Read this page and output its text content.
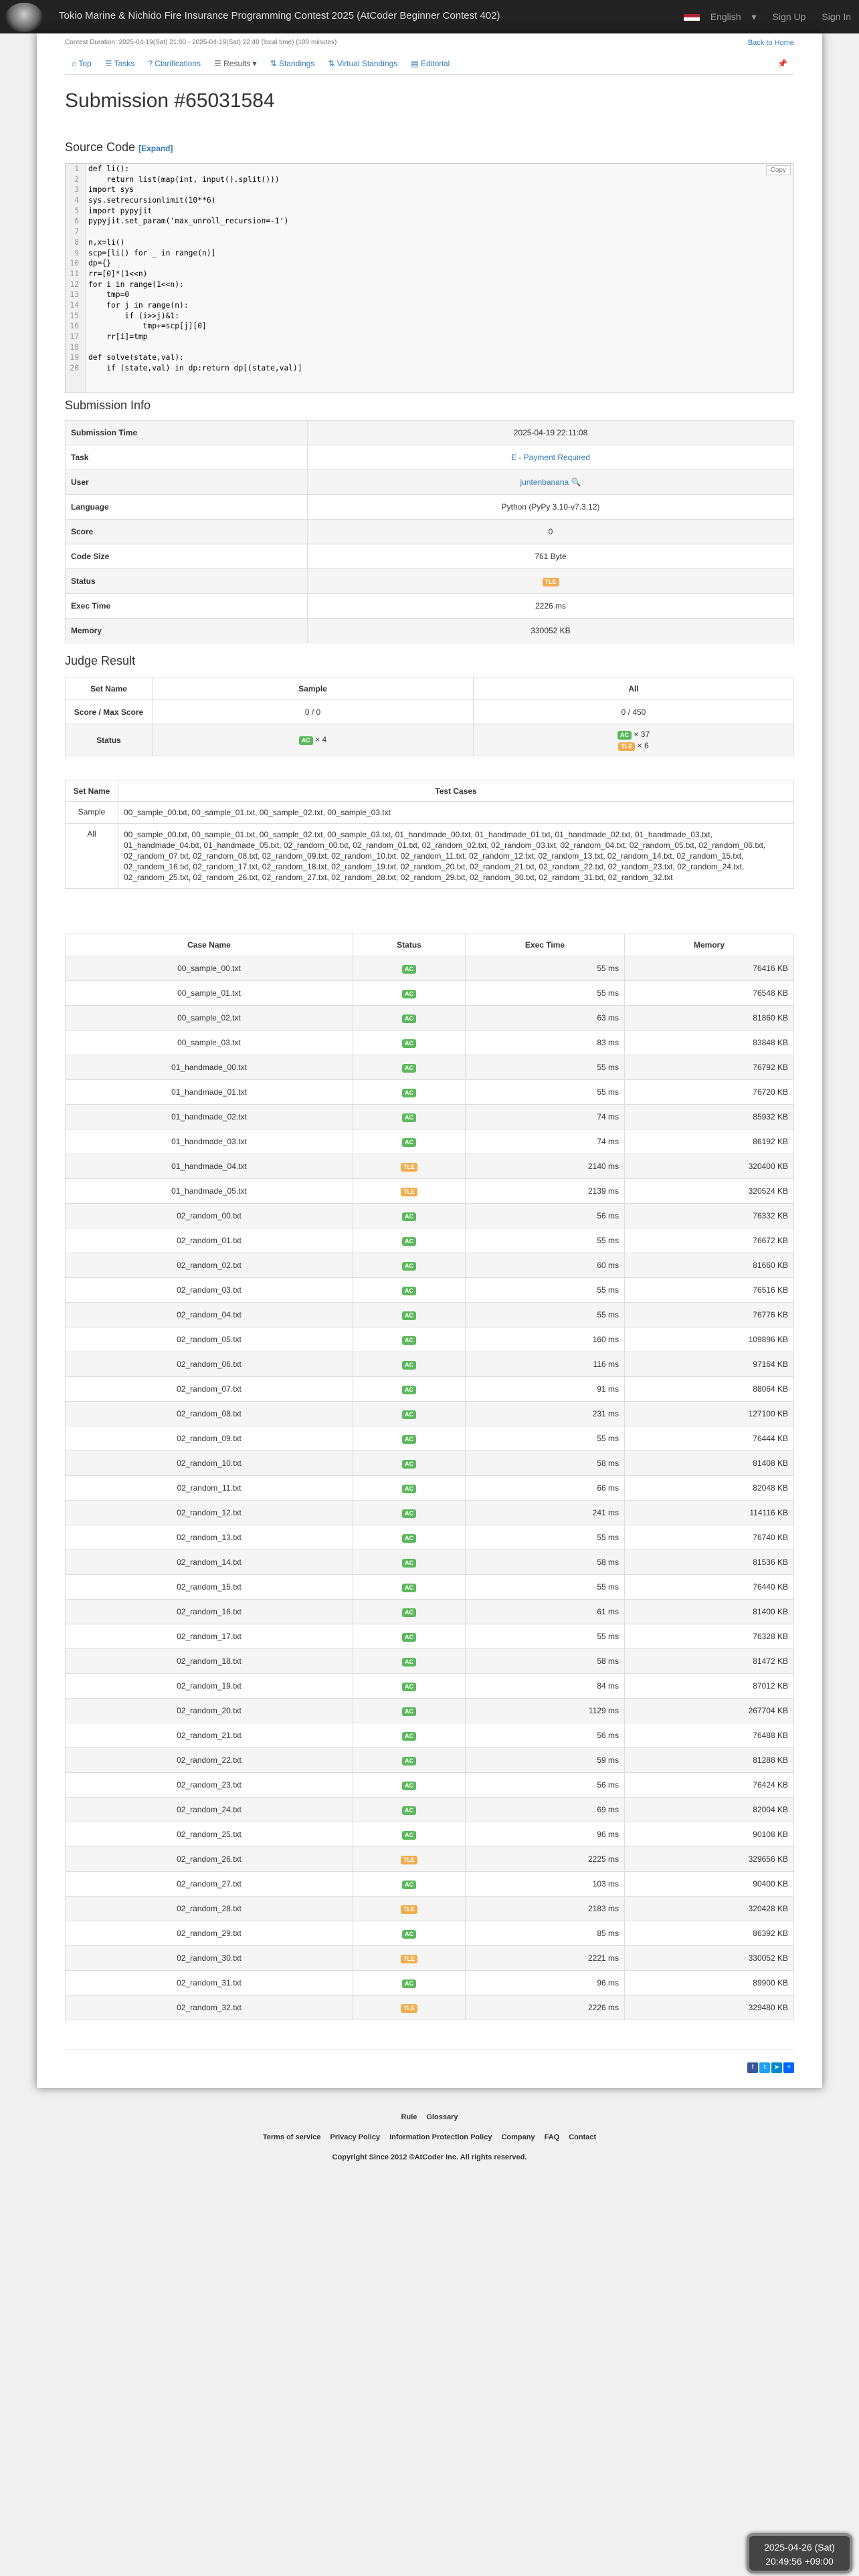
Tokio Marine & Nichido Fire Insurance Programming Contest 2025 (AtCoder Beginner Contest 402)	English ▾	Sign Up	Sign In
Contest Duration: 2025-04-19(Sat) 21:00 - 2025-04-19(Sat) 22:40 (local time) (100 minutes)	Back to Home
⌂ Top	☰ Tasks	? Clarifications	☰ Results ▾	⇅ Standings	⇅ Virtual Standings	▤ Editorial	📌
Submission #65031584
Source Code [Expand]
1 def li():
2    return list(map(int, input().split()))
3 import sys
4 sys.setrecursionlimit(10**6)
5 import pypyjit
6 pypyjit.set_param('max_unroll_recursion=-1')
7
8 n,x=li()
9 scp=[li() for _ in range(n)]
10 dp={}
11 rr=[0]*(1<<n)
12 for i in range(1<<n):
13    tmp=0
14    for j in range(n):
15        if (i>>j)&1:
16            tmp+=scp[j][0]
17    rr[i]=tmp
18
19 def solve(state,val):
20    if (state,val) in dp:return dp[(state,val)]
Copy
Submission Info
Submission Time	2025-04-19 22:11:08
Task	E - Payment Required
User	juntenbanana 🔍
Language	Python (PyPy 3.10-v7.3.12)
Score	0
Code Size	761 Byte
Status	TLE
Exec Time	2226 ms
Memory	330052 KB
Judge Result
Set Name	Sample	All
Score / Max Score	0 / 0	0 / 450
Status	AC × 4	AC × 37
TLE × 6
Set Name	Test Cases
Sample	00_sample_00.txt, 00_sample_01.txt, 00_sample_02.txt, 00_sample_03.txt
All	00_sample_00.txt, 00_sample_01.txt, 00_sample_02.txt, 00_sample_03.txt, 01_handmade_00.txt, 01_handmade_01.txt, 01_handmade_02.txt, 01_handmade_03.txt, 01_handmade_04.txt, 01_handmade_05.txt, 02_random_00.txt, 02_random_01.txt, 02_random_02.txt, 02_random_03.txt, 02_random_04.txt, 02_random_05.txt, 02_random_06.txt, 02_random_07.txt, 02_random_08.txt, 02_random_09.txt, 02_random_10.txt, 02_random_11.txt, 02_random_12.txt, 02_random_13.txt, 02_random_14.txt, 02_random_15.txt, 02_random_16.txt, 02_random_17.txt, 02_random_18.txt, 02_random_19.txt, 02_random_20.txt, 02_random_21.txt, 02_random_22.txt, 02_random_23.txt, 02_random_24.txt, 02_random_25.txt, 02_random_26.txt, 02_random_27.txt, 02_random_28.txt, 02_random_29.txt, 02_random_30.txt, 02_random_31.txt, 02_random_32.txt
Case Name	Status	Exec Time	Memory
00_sample_00.txt	AC	55 ms	76416 KB
00_sample_01.txt	AC	55 ms	76548 KB
00_sample_02.txt	AC	63 ms	81860 KB
00_sample_03.txt	AC	83 ms	83848 KB
01_handmade_00.txt	AC	55 ms	76792 KB
01_handmade_01.txt	AC	55 ms	76720 KB
01_handmade_02.txt	AC	74 ms	85932 KB
01_handmade_03.txt	AC	74 ms	86192 KB
01_handmade_04.txt	TLE	2140 ms	320400 KB
01_handmade_05.txt	TLE	2139 ms	320524 KB
02_random_00.txt	AC	56 ms	76332 KB
02_random_01.txt	AC	55 ms	76672 KB
02_random_02.txt	AC	60 ms	81660 KB
02_random_03.txt	AC	55 ms	76516 KB
02_random_04.txt	AC	55 ms	76776 KB
02_random_05.txt	AC	160 ms	109896 KB
02_random_06.txt	AC	116 ms	97164 KB
02_random_07.txt	AC	91 ms	88064 KB
02_random_08.txt	AC	231 ms	127100 KB
02_random_09.txt	AC	55 ms	76444 KB
02_random_10.txt	AC	58 ms	81408 KB
02_random_11.txt	AC	66 ms	82048 KB
02_random_12.txt	AC	241 ms	114116 KB
02_random_13.txt	AC	55 ms	76740 KB
02_random_14.txt	AC	58 ms	81536 KB
02_random_15.txt	AC	55 ms	76440 KB
02_random_16.txt	AC	61 ms	81400 KB
02_random_17.txt	AC	55 ms	76328 KB
02_random_18.txt	AC	58 ms	81472 KB
02_random_19.txt	AC	84 ms	87012 KB
02_random_20.txt	AC	1129 ms	267704 KB
02_random_21.txt	AC	56 ms	76488 KB
02_random_22.txt	AC	59 ms	81288 KB
02_random_23.txt	AC	56 ms	76424 KB
02_random_24.txt	AC	69 ms	82004 KB
02_random_25.txt	AC	96 ms	90108 KB
02_random_26.txt	TLE	2225 ms	329656 KB
02_random_27.txt	AC	103 ms	90400 KB
02_random_28.txt	TLE	2183 ms	320428 KB
02_random_29.txt	AC	85 ms	86392 KB
02_random_30.txt	TLE	2221 ms	330052 KB
02_random_31.txt	AC	96 ms	89900 KB
02_random_32.txt	TLE	2226 ms	329480 KB
f	t	➤	+
Rule Glossary
Terms of service Privacy Policy Information Protection Policy Company FAQ Contact
Copyright Since 2012 ©AtCoder Inc. All rights reserved.
2025-04-26 (Sat)
20:49:56 +09:00
